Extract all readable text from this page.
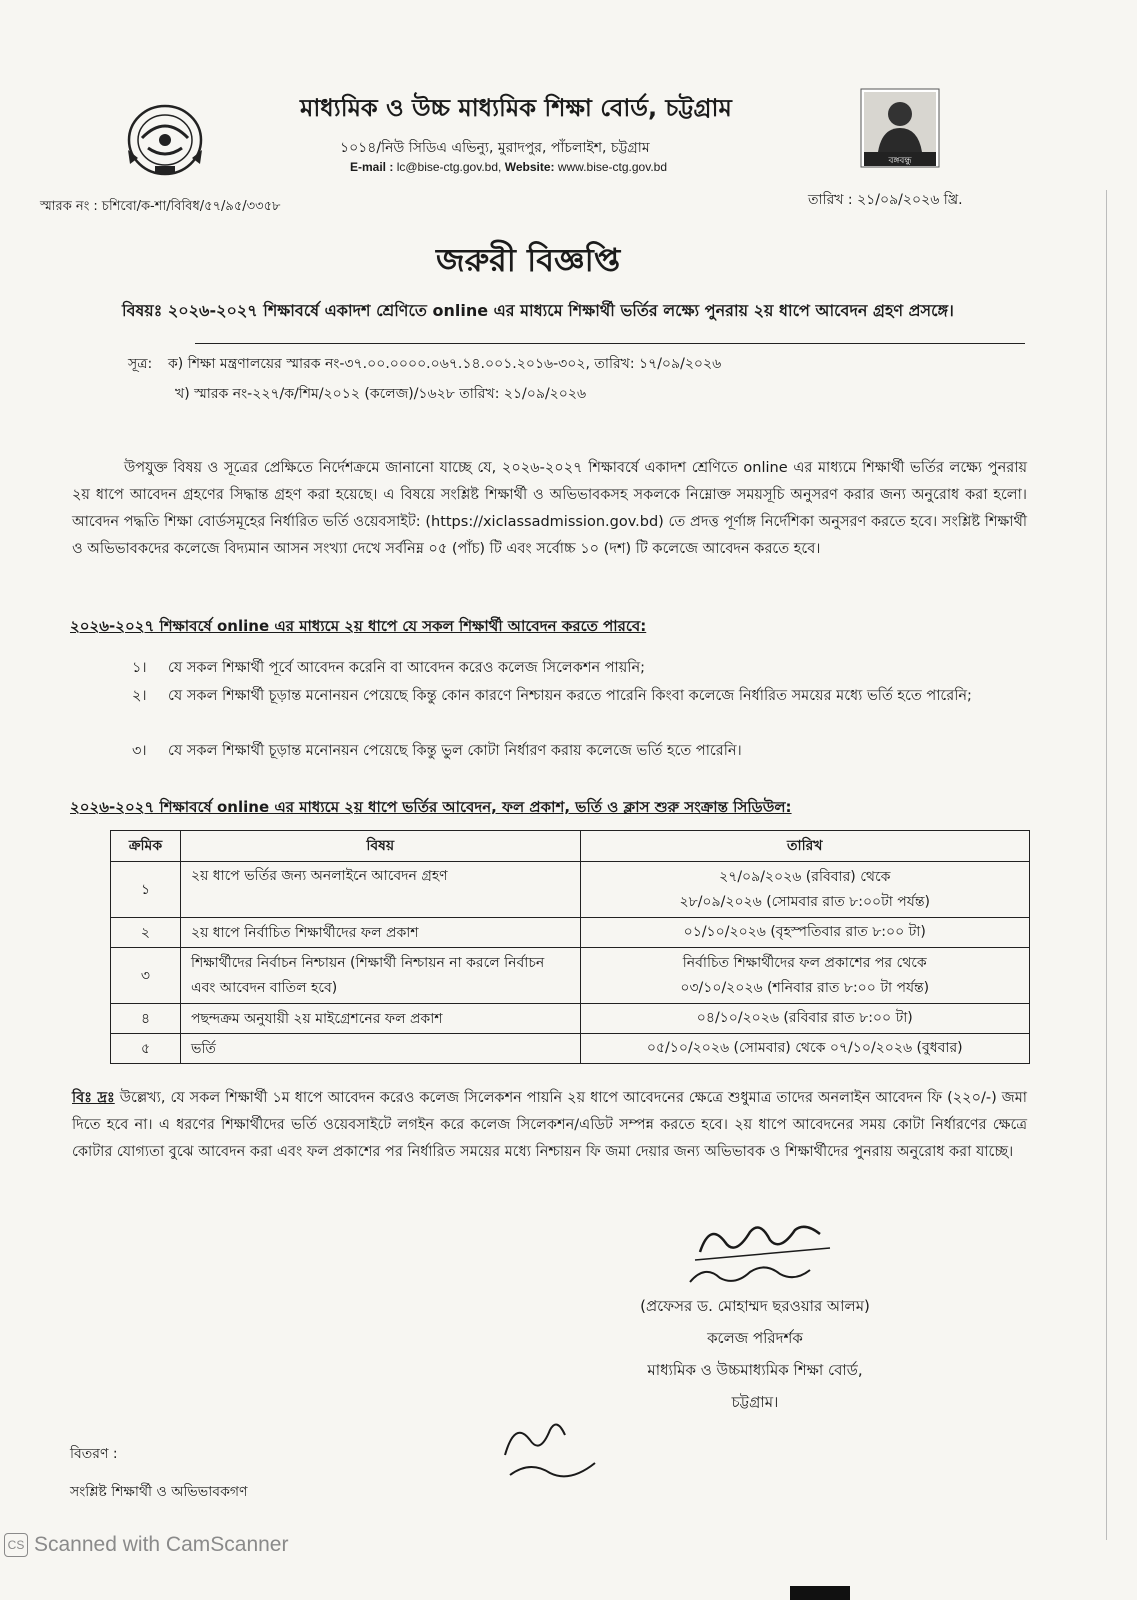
মাধ্যমিক ও উচ্চ মাধ্যমিক শিক্ষা বোর্ড, চট্টগ্রাম
১০১৪/নিউ সিডিএ এভিন্যু, মুরাদপুর, পাঁচলাইশ, চট্টগ্রাম
E-mail : lc@bise-ctg.gov.bd, Website: www.bise-ctg.gov.bd	বঙ্গবন্ধু
স্মারক নং : চশিবো/ক-শা/বিবিধ/৫৭/৯৫/৩৩৫৮	তারিখ : ২১/০৯/২০২৬ খ্রি.
জরুরী বিজ্ঞপ্তি
বিষয়ঃ ২০২৬-২০২৭ শিক্ষাবর্ষে একাদশ শ্রেণিতে online এর মাধ্যমে শিক্ষার্থী ভর্তির লক্ষ্যে পুনরায় ২য় ধাপে আবেদন গ্রহণ প্রসঙ্গে।
সূত্র: ক) শিক্ষা মন্ত্রণালয়ের স্মারক নং-৩৭.০০.০০০০.০৬৭.১৪.০০১.২০১৬-৩০২, তারিখ: ১৭/০৯/২০২৬
খ) স্মারক নং-২২৭/ক/শিম/২০১২ (কলেজ)/১৬২৮ তারিখ: ২১/০৯/২০২৬
উপযুক্ত বিষয় ও সূত্রের প্রেক্ষিতে নির্দেশক্রমে জানানো যাচ্ছে যে, ২০২৬-২০২৭ শিক্ষাবর্ষে একাদশ শ্রেণিতে online এর মাধ্যমে শিক্ষার্থী ভর্তির লক্ষ্যে পুনরায় ২য় ধাপে আবেদন গ্রহণের সিদ্ধান্ত গ্রহণ করা হয়েছে। এ বিষয়ে সংশ্লিষ্ট শিক্ষার্থী ও অভিভাবকসহ সকলকে নিম্নোক্ত সময়সূচি অনুসরণ করার জন্য অনুরোধ করা হলো। আবেদন পদ্ধতি শিক্ষা বোর্ডসমূহের নির্ধারিত ভর্তি ওয়েবসাইট: (https://xiclassadmission.gov.bd) তে প্রদত্ত পূর্ণাঙ্গ নির্দেশিকা অনুসরণ করতে হবে। সংশ্লিষ্ট শিক্ষার্থী ও অভিভাবকদের কলেজে বিদ্যমান আসন সংখ্যা দেখে সর্বনিম্ন ০৫ (পাঁচ) টি এবং সর্বোচ্চ ১০ (দশ) টি কলেজে আবেদন করতে হবে।
২০২৬-২০২৭ শিক্ষাবর্ষে online এর মাধ্যমে ২য় ধাপে যে সকল শিক্ষার্থী আবেদন করতে পারবে:
১। যে সকল শিক্ষার্থী পূর্বে আবেদন করেনি বা আবেদন করেও কলেজ সিলেকশন পায়নি;
২।	যে সকল শিক্ষার্থী চূড়ান্ত মনোনয়ন পেয়েছে কিন্তু কোন কারণে নিশ্চায়ন করতে পারেনি কিংবা কলেজে নির্ধারিত সময়ের মধ্যে ভর্তি হতে পারেনি;
৩। যে সকল শিক্ষার্থী চূড়ান্ত মনোনয়ন পেয়েছে কিন্তু ভুল কোটা নির্ধারণ করায় কলেজে ভর্তি হতে পারেনি।
২০২৬-২০২৭ শিক্ষাবর্ষে online এর মাধ্যমে ২য় ধাপে ভর্তির আবেদন, ফল প্রকাশ, ভর্তি ও ক্লাস শুরু সংক্রান্ত সিডিউল:
ক্রমিক	বিষয়	তারিখ
১	২য় ধাপে ভর্তির জন্য অনলাইনে আবেদন গ্রহণ	২৭/০৯/২০২৬ (রবিবার) থেকে
২৮/০৯/২০২৬ (সোমবার রাত ৮:০০টা পর্যন্ত)

২	২য় ধাপে নির্বাচিত শিক্ষার্থীদের ফল প্রকাশ	০১/১০/২০২৬ (বৃহস্পতিবার রাত ৮:০০ টা)
৩	শিক্ষার্থীদের নির্বাচন নিশ্চায়ন (শিক্ষার্থী নিশ্চায়ন না করলে নির্বাচন এবং আবেদন বাতিল হবে)	নির্বাচিত শিক্ষার্থীদের ফল প্রকাশের পর থেকে
০৩/১০/২০২৬ (শনিবার রাত ৮:০০ টা পর্যন্ত)

৪	পছন্দক্রম অনুযায়ী ২য় মাইগ্রেশনের ফল প্রকাশ	০৪/১০/২০২৬ (রবিবার রাত ৮:০০ টা)
৫	ভর্তি	০৫/১০/২০২৬ (সোমবার) থেকে ০৭/১০/২০২৬ (বুধবার)
বিঃ দ্রঃ উল্লেখ্য, যে সকল শিক্ষার্থী ১ম ধাপে আবেদন করেও কলেজ সিলেকশন পায়নি ২য় ধাপে আবেদনের ক্ষেত্রে শুধুমাত্র তাদের অনলাইন আবেদন ফি (২২০/-) জমা দিতে হবে না। এ ধরণের শিক্ষার্থীদের ভর্তি ওয়েবসাইটে লগইন করে কলেজ সিলেকশন/এডিট সম্পন্ন করতে হবে। ২য় ধাপে আবেদনের সময় কোটা নির্ধারণের ক্ষেত্রে কোটার যোগ্যতা বুঝে আবেদন করা এবং ফল প্রকাশের পর নির্ধারিত সময়ের মধ্যে নিশ্চায়ন ফি জমা দেয়ার জন্য অভিভাবক ও শিক্ষার্থীদের পুনরায় অনুরোধ করা যাচ্ছে।
(প্রফেসর ড. মোহাম্মদ ছরওয়ার আলম)
কলেজ পরিদর্শক
মাধ্যমিক ও উচ্চমাধ্যমিক শিক্ষা বোর্ড,
চট্টগ্রাম।
বিতরণ :
সংশ্লিষ্ট শিক্ষার্থী ও অভিভাবকগণ
CS Scanned with CamScanner
